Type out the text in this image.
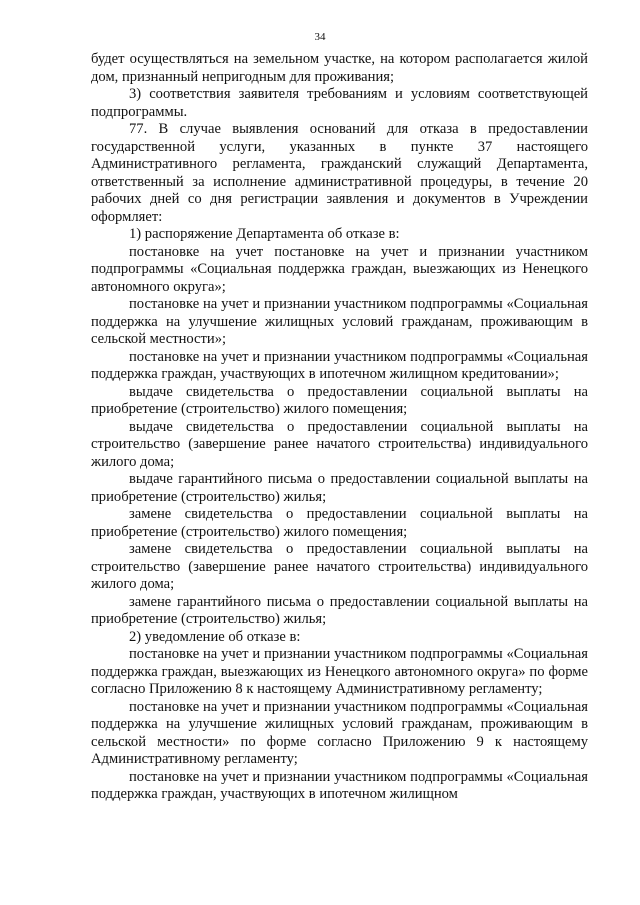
34

будет осуществляться на земельном участке, на котором располагается жилой дом, признанный непригодным для проживания;

3) соответствия заявителя требованиям и условиям соответствующей подпрограммы.

77. В случае выявления оснований для отказа в предоставлении государственной услуги, указанных в пункте 37 настоящего Административного регламента, гражданский служащий Департамента, ответственный за исполнение административной процедуры, в течение 20 рабочих дней со дня регистрации заявления и документов в Учреждении оформляет:

1) распоряжение Департамента об отказе в:

постановке на учет постановке на учет и признании участником подпрограммы «Социальная поддержка граждан, выезжающих из Ненецкого автономного округа»;

постановке на учет и признании участником подпрограммы «Социальная поддержка на улучшение жилищных условий гражданам, проживающим в сельской местности»;

постановке на учет и признании участником подпрограммы «Социальная поддержка граждан, участвующих в ипотечном жилищном кредитовании»;

выдаче свидетельства о предоставлении социальной выплаты на приобретение (строительство) жилого помещения;

выдаче свидетельства о предоставлении социальной выплаты на строительство (завершение ранее начатого строительства) индивидуального жилого дома;

выдаче гарантийного письма о предоставлении социальной выплаты на приобретение (строительство) жилья;

замене свидетельства о предоставлении социальной выплаты на приобретение (строительство) жилого помещения;

замене свидетельства о предоставлении социальной выплаты на строительство (завершение ранее начатого строительства) индивидуального жилого дома;

замене гарантийного письма о предоставлении социальной выплаты на приобретение (строительство) жилья;

2) уведомление об отказе в:

постановке на учет и признании участником подпрограммы «Социальная поддержка граждан, выезжающих из Ненецкого автономного округа» по форме согласно Приложению 8 к настоящему Административному регламенту;

постановке на учет и признании участником подпрограммы «Социальная поддержка на улучшение жилищных условий гражданам, проживающим в сельской местности» по форме согласно Приложению 9 к настоящему Административному регламенту;

постановке на учет и признании участником подпрограммы «Социальная поддержка граждан, участвующих в ипотечном жилищном
